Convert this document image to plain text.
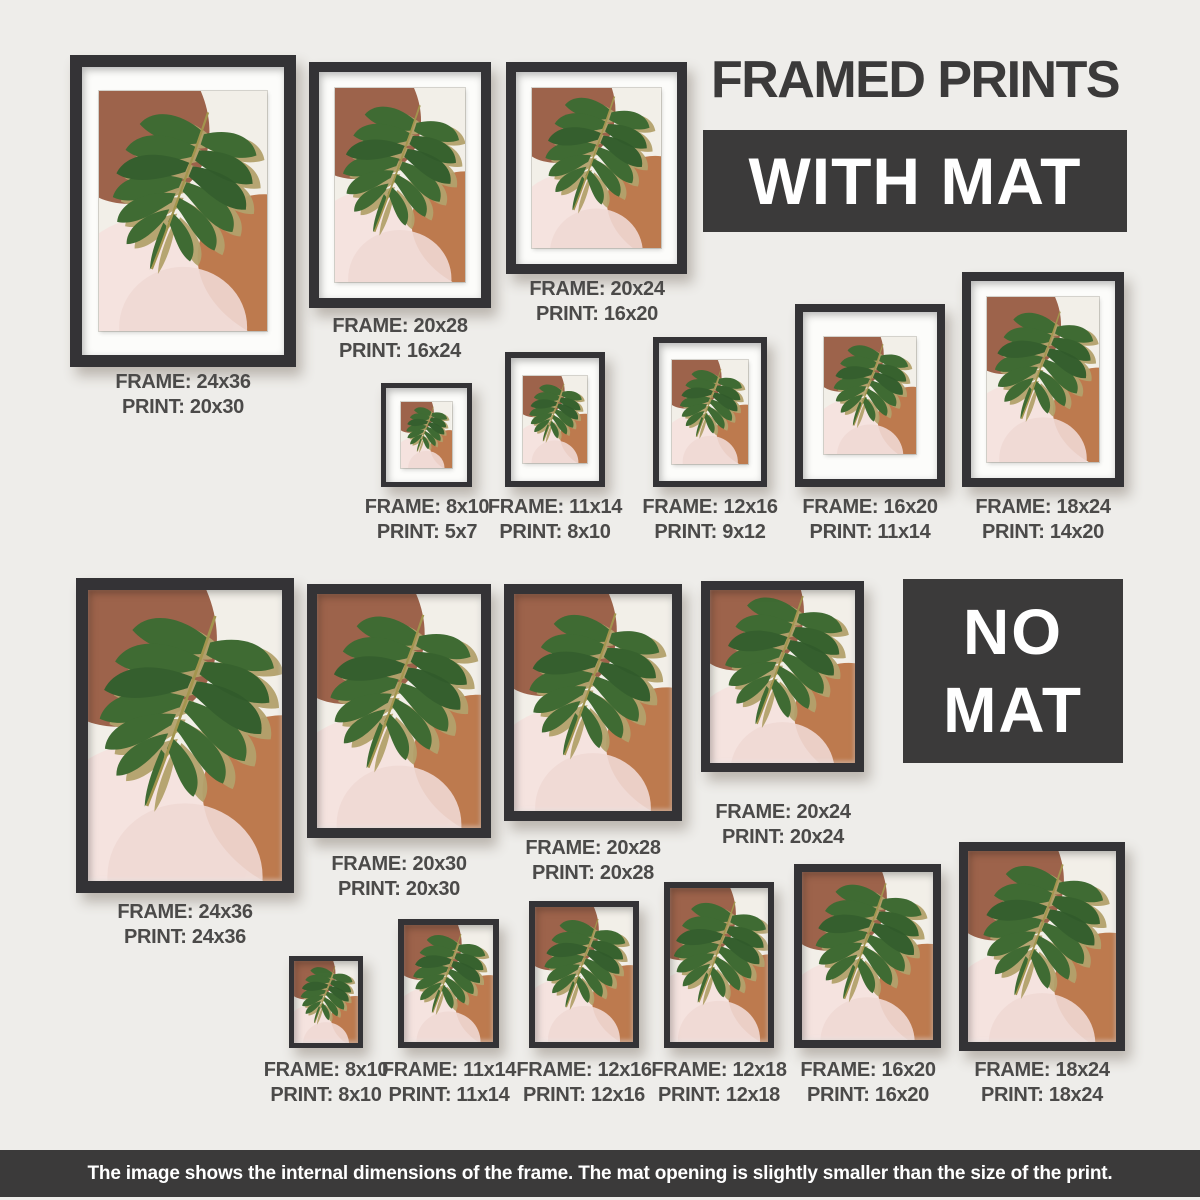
FRAMED PRINTS
WITH MAT
NO
MAT
The image shows the internal dimensions of the frame. The mat opening is slightly smaller than the size of the print.
FRAME: 24x36
PRINT: 20x30
FRAME: 20x28
PRINT: 16x24
FRAME: 20x24
PRINT: 16x20
FRAME: 8x10
PRINT: 5x7
FRAME: 11x14
PRINT: 8x10
FRAME: 12x16
PRINT: 9x12
FRAME: 16x20
PRINT: 11x14
FRAME: 18x24
PRINT: 14x20
FRAME: 24x36
PRINT: 24x36
FRAME: 20x30
PRINT: 20x30
FRAME: 20x28
PRINT: 20x28
FRAME: 20x24
PRINT: 20x24
FRAME: 8x10
PRINT: 8x10
FRAME: 11x14
PRINT: 11x14
FRAME: 12x16
PRINT: 12x16
FRAME: 12x18
PRINT: 12x18
FRAME: 16x20
PRINT: 16x20
FRAME: 18x24
PRINT: 18x24
